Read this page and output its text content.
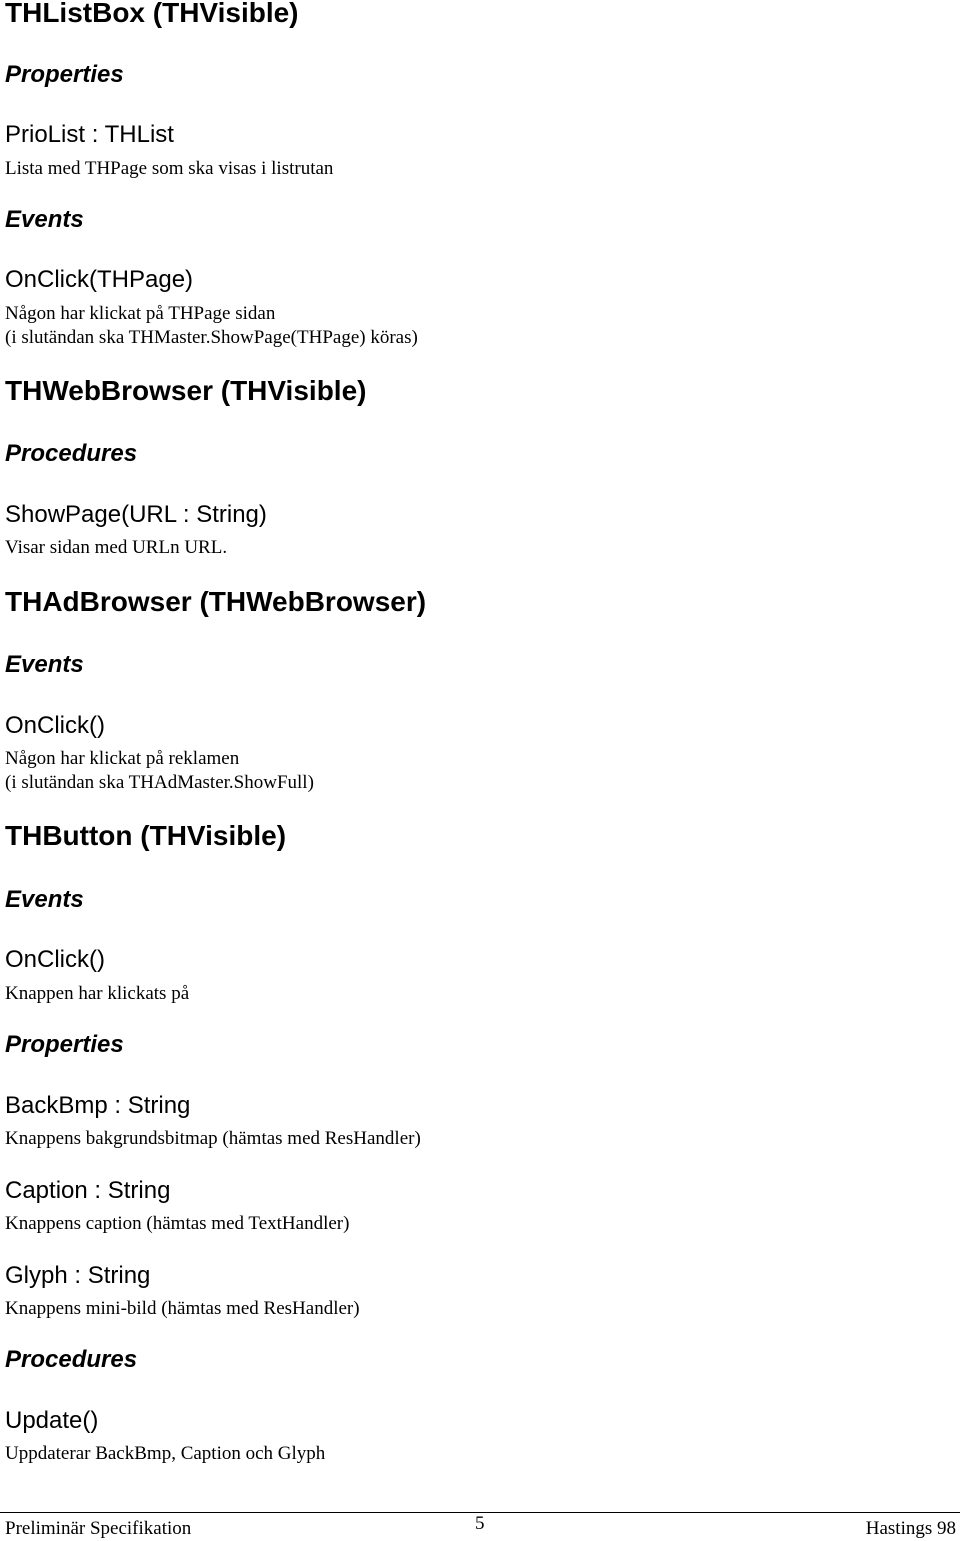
THListBox (THVisible)
Properties
PrioList : THList
Lista med THPage som ska visas i listrutan
Events
OnClick(THPage)
Någon har klickat på THPage sidan
(i slutändan ska THMaster.ShowPage(THPage) köras)
THWebBrowser (THVisible)
Procedures
ShowPage(URL : String)
Visar sidan med URLn URL.
THAdBrowser (THWebBrowser)
Events
OnClick()
Någon har klickat på reklamen
(i slutändan ska THAdMaster.ShowFull)
THButton (THVisible)
Events
OnClick()
Knappen har klickats på
Properties
BackBmp : String
Knappens bakgrundsbitmap (hämtas med ResHandler)
Caption : String
Knappens caption (hämtas med TextHandler)
Glyph : String
Knappens mini-bild (hämtas med ResHandler)
Procedures
Update()
Uppdaterar BackBmp, Caption och Glyph
Preliminär Specifikation	5	Hastings 98
